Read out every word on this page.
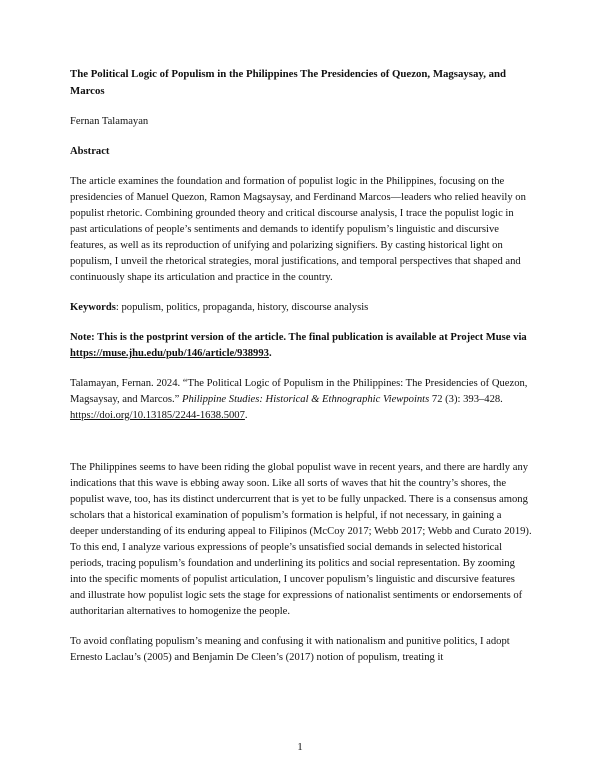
The Political Logic of Populism in the Philippines The Presidencies of Quezon, Magsaysay, and Marcos

Fernan Talamayan

Abstract

The article examines the foundation and formation of populist logic in the Philippines, focusing on the presidencies of Manuel Quezon, Ramon Magsaysay, and Ferdinand Marcos—leaders who relied heavily on populist rhetoric. Combining grounded theory and critical discourse analysis, I trace the populist logic in past articulations of people’s sentiments and demands to identify populism’s linguistic and discursive features, as well as its reproduction of unifying and polarizing signifiers. By casting historical light on populism, I unveil the rhetorical strategies, moral justifications, and temporal perspectives that shaped and continuously shape its articulation and practice in the country.

Keywords: populism, politics, propaganda, history, discourse analysis

Note: This is the postprint version of the article. The final publication is available at Project Muse via https://muse.jhu.edu/pub/146/article/938993.

Talamayan, Fernan. 2024. “The Political Logic of Populism in the Philippines: The Presidencies of Quezon, Magsaysay, and Marcos.” Philippine Studies: Historical & Ethnographic Viewpoints 72 (3): 393–428. https://doi.org/10.13185/2244-1638.5007.

The Philippines seems to have been riding the global populist wave in recent years, and there are hardly any indications that this wave is ebbing away soon. Like all sorts of waves that hit the country’s shores, the populist wave, too, has its distinct undercurrent that is yet to be fully unpacked. There is a consensus among scholars that a historical examination of populism’s formation is helpful, if not necessary, in gaining a deeper understanding of its enduring appeal to Filipinos (McCoy 2017; Webb 2017; Webb and Curato 2019). To this end, I analyze various expressions of people’s unsatisfied social demands in selected historical periods, tracing populism’s foundation and underlining its politics and social representation. By zooming into the specific moments of populist articulation, I uncover populism’s linguistic and discursive features and illustrate how populist logic sets the stage for expressions of nationalist sentiments or endorsements of authoritarian alternatives to homogenize the people.

To avoid conflating populism’s meaning and confusing it with nationalism and punitive politics, I adopt Ernesto Laclau’s (2005) and Benjamin De Cleen’s (2017) notion of populism, treating it

1
